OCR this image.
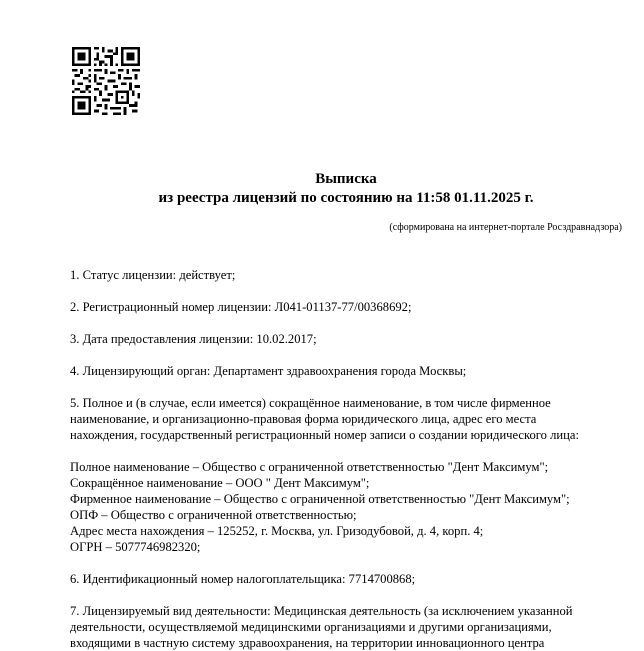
Выписка
из реестра лицензий по состоянию на 11:58 01.11.2025 г.
(сформирована на интернет-портале Росздравнадзора)
1. Статус лицензии: действует;
2. Регистрационный номер лицензии: Л041-01137-77/00368692;
3. Дата предоставления лицензии: 10.02.2017;
4. Лицензирующий орган: Департамент здравоохранения города Москвы;
5. Полное и (в случае, если имеется) сокращённое наименование, в том числе фирменное
наименование, и организационно-правовая форма юридического лица, адрес его места
нахождения, государственный регистрационный номер записи о создании юридического лица:
Полное наименование – Общество с ограниченной ответственностью "Дент Максимум";
Сокращённое наименование – ООО " Дент Максимум";
Фирменное наименование – Общество с ограниченной ответственностью "Дент Максимум";
ОПФ – Общество с ограниченной ответственностью;
Адрес места нахождения – 125252, г. Москва, ул. Гризодубовой, д. 4, корп. 4;
ОГРН – 5077746982320;
6. Идентификационный номер налогоплательщика: 7714700868;
7. Лицензируемый вид деятельности: Медицинская деятельность (за исключением указанной
деятельности, осуществляемой медицинскими организациями и другими организациями,
входящими в частную систему здравоохранения, на территории инновационного центра
